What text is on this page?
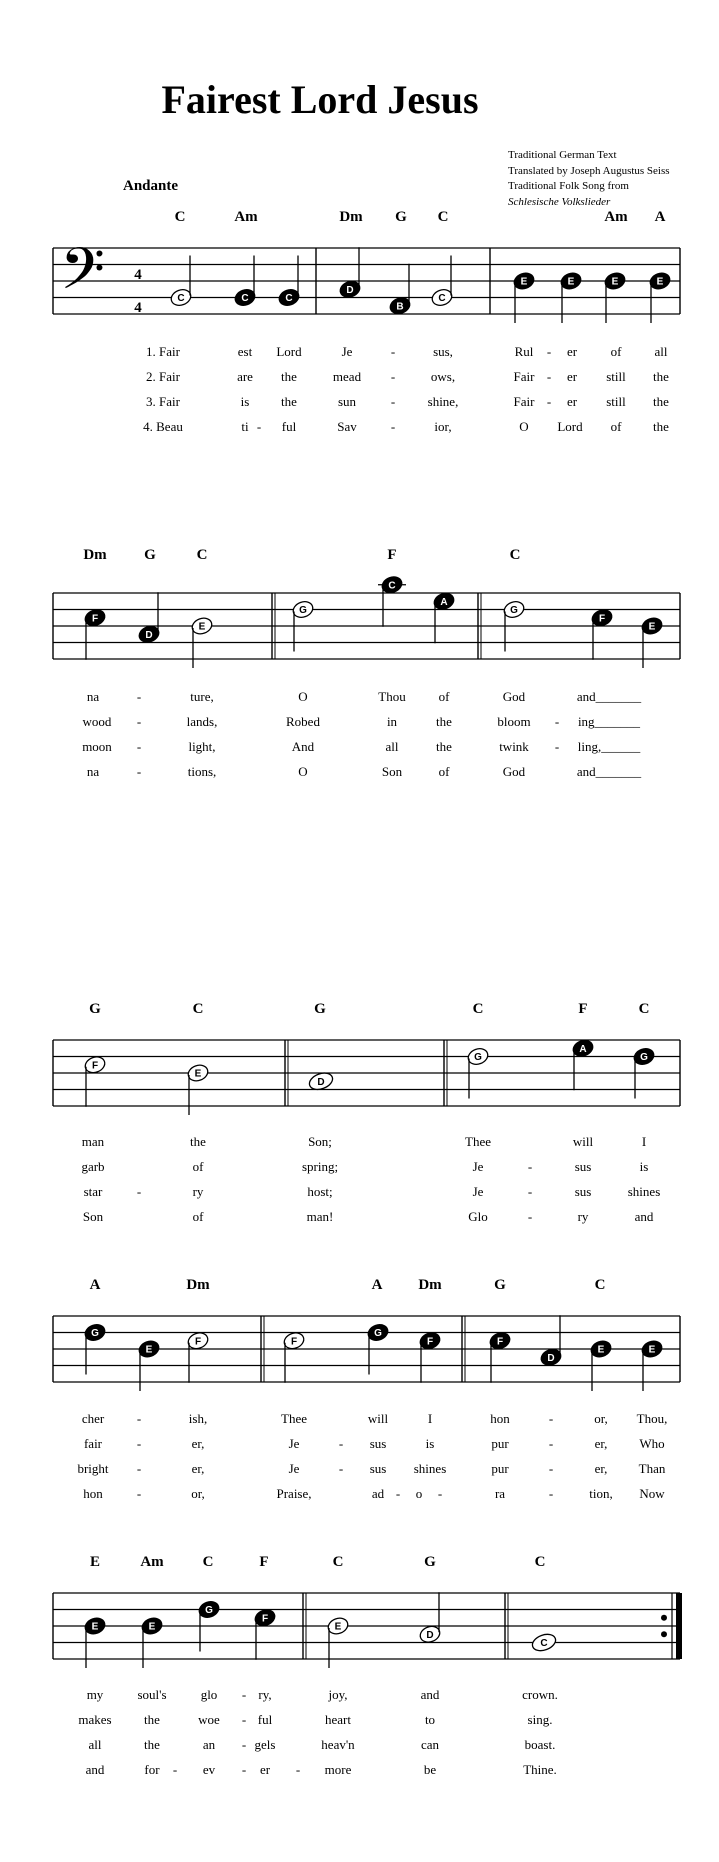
Fairest Lord Jesus
Traditional German Text
Translated by Joseph Augustus Seiss
Traditional Folk Song from
Schlesische Volkslieder
Andante
𝄢	C	C	C
D
B
C
E	E	E	E
4
4
C	Am	Dm G C	Am A
1. Fair	est Lord	Je	-	sus,	Rul - er	of	all
2. Fair	are the	mead -	ows,	Fair - er still the
3. Fair	is the	sun	- shine,	Fair - er still the
4. Beau	ti - ful	Sav	-	ior,	O Lord of the
F
D
E
G
C
A
G
F
E
Dm	G	C	F	C
na	-	ture,	O	Thou	of	God	and_______
wood -	lands,	Robed	in	the	bloom - ing_______
moon -	light,	And	all	the	twink - ling,______
na	-	tions,	O	Son	of	God	and_______
F
E
D
G
A
G
G	C	G	C	F	C
man	the	Son;	Thee	will	I
garb	of	spring;	Je	-	sus	is
star	-	ry	host;	Je	-	sus	shines
Son	of	man!	Glo	-	ry	and
G
E
F	F
G
F	F
D
E	E
A	Dm	A Dm	G	C
cher	-	ish,	Thee	will	I	hon	-	or, Thou,
fair	-	er,	Je	- sus	is	pur	-	er, Who
bright -	er,	Je	- sus shines	pur	-	er, Than
hon	-	or,	Praise,	ad - o -	ra	-	tion, Now
E	E
G
F
E
D
C
E	Am	C	F	C	G	C
my	soul's	glo - ry,	joy,	and	crown.
makes the	woe - ful	heart	to	sing.
all	the	an - gels	heav'n	can	boast.
and	for - ev - er - more	be	Thine.
